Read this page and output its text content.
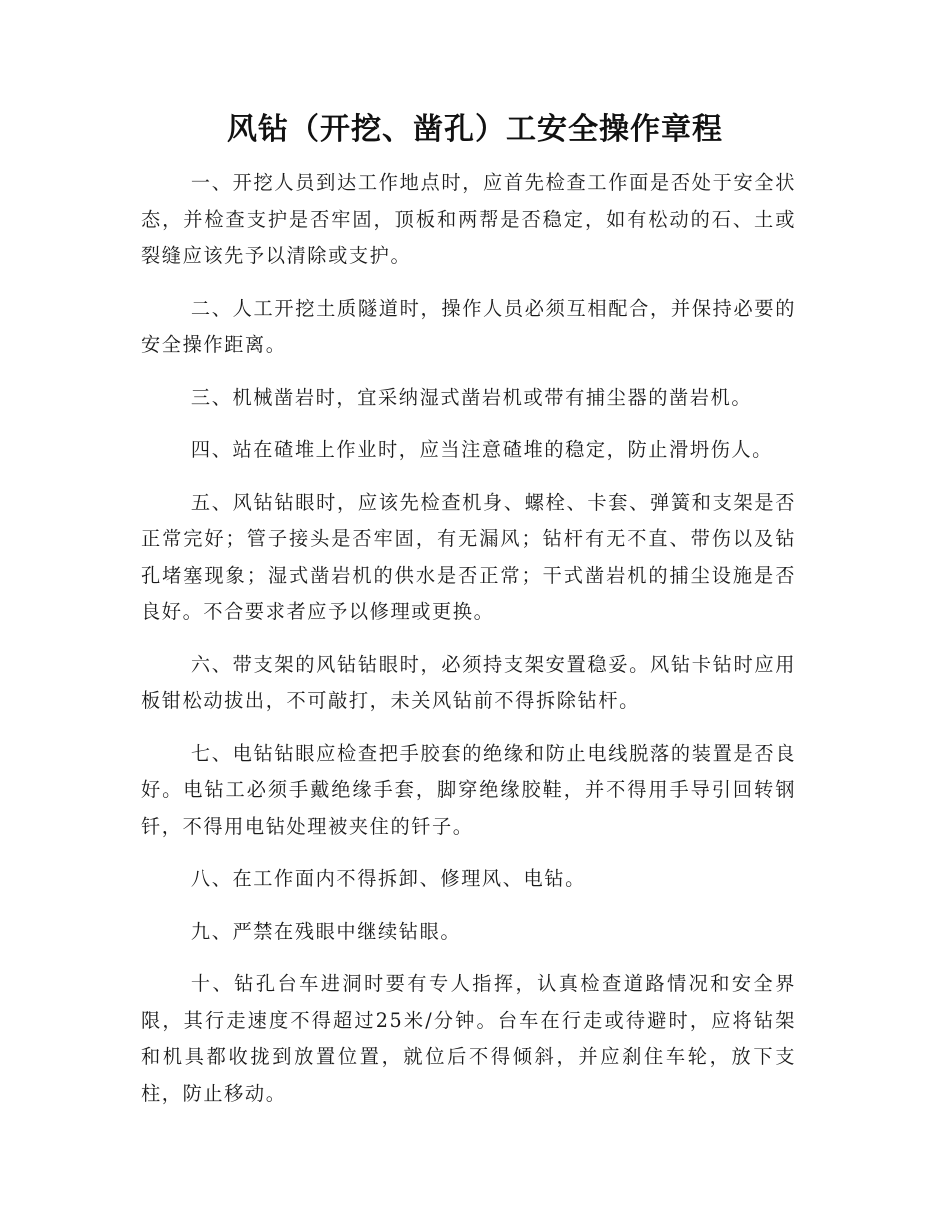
风钻（开挖、凿孔）工安全操作章程

一、开挖人员到达工作地点时，应首先检查工作面是否处于安全状态，并检查支护是否牢固，顶板和两帮是否稳定，如有松动的石、土或裂缝应该先予以清除或支护。

二、人工开挖土质隧道时，操作人员必须互相配合，并保持必要的安全操作距离。

三、机械凿岩时，宜采纳湿式凿岩机或带有捕尘器的凿岩机。

四、站在碴堆上作业时，应当注意碴堆的稳定，防止滑坍伤人。

五、风钻钻眼时，应该先检查机身、螺栓、卡套、弹簧和支架是否正常完好；管子接头是否牢固，有无漏风；钻杆有无不直、带伤以及钻孔堵塞现象；湿式凿岩机的供水是否正常；干式凿岩机的捕尘设施是否良好。不合要求者应予以修理或更换。

六、带支架的风钻钻眼时，必须持支架安置稳妥。风钻卡钻时应用板钳松动拔出，不可敲打，未关风钻前不得拆除钻杆。

七、电钻钻眼应检查把手胶套的绝缘和防止电线脱落的装置是否良好。电钻工必须手戴绝缘手套，脚穿绝缘胶鞋，并不得用手导引回转钢钎，不得用电钻处理被夹住的钎子。

八、在工作面内不得拆卸、修理风、电钻。

九、严禁在残眼中继续钻眼。

十、钻孔台车进洞时要有专人指挥，认真检查道路情况和安全界限，其行走速度不得超过25米/分钟。台车在行走或待避时，应将钻架和机具都收拢到放置位置，就位后不得倾斜，并应刹住车轮，放下支柱，防止移动。
